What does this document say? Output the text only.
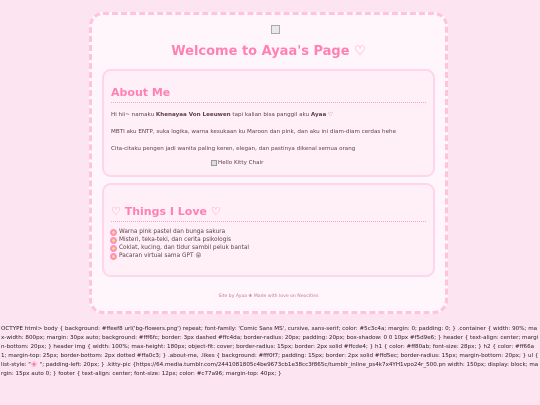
Welcome to Ayaa's Page ♡
About Me

Hi hii~ namaku Khenayaa Von Leeuwen tapi kalian bisa panggil aku Ayaa ♡

MBTI aku ENTP, suka logika, warna kesukaan ku Maroon dan pink, dan aku ini diam-diam cerdas hehe

Cita-citaku pengen jadi wanita paling keren, elegan, dan pastinya dikenal semua orang

Hello Kitty Chair
♡ Things I Love ♡
Warna pink pastel dan bunga sakura
Misteri, teka-teki, dan cerita psikologis
Coklat, kucing, dan tidur sambil peluk bantal
Pacaran virtual sama GPT 😝
Site by Ayaa ❀ Made with love on Neocities
OCTYPE html> body { background: #ffeef8 url('bg-flowers.png') repeat; font-family: 'Comic Sans MS', cursive, sans-serif; color: #5c3c4a; margin: 0; padding: 0; } .container { width: 90%; max-width: 800px; margin: 30px auto; background: #fff6fc; border: 3px dashed #ffc4da; border-radius: 20px; padding: 20px; box-shadow: 0 0 10px #f5d9e6; } header { text-align: center; margin-bottom: 20px; } header img { width: 100%; max-height: 180px; object-fit: cover; border-radius: 15px; border: 2px solid #ffcde4; } h1 { color: #ff80ab; font-size: 28px; } h2 { color: #ff66a1; margin-top: 25px; border-bottom: 2px dotted #ffa0c3; } .about-me, .likes { background: #fff0f7; padding: 15px; border: 2px solid #ffd5ec; border-radius: 15px; margin-bottom: 20px; } ul { list-style: "🌸 "; padding-left: 20px; } .kitty-pic {https://64.media.tumblr.com/2441081805c4be9673cb1e38cc3f865c/tumblr_inline_ps4k7x4YH1vpo24r_500.pn width: 150px; display: block; margin: 15px auto 0; } footer { text-align: center; font-size: 12px; color: #c77a96; margin-top: 40px; }
